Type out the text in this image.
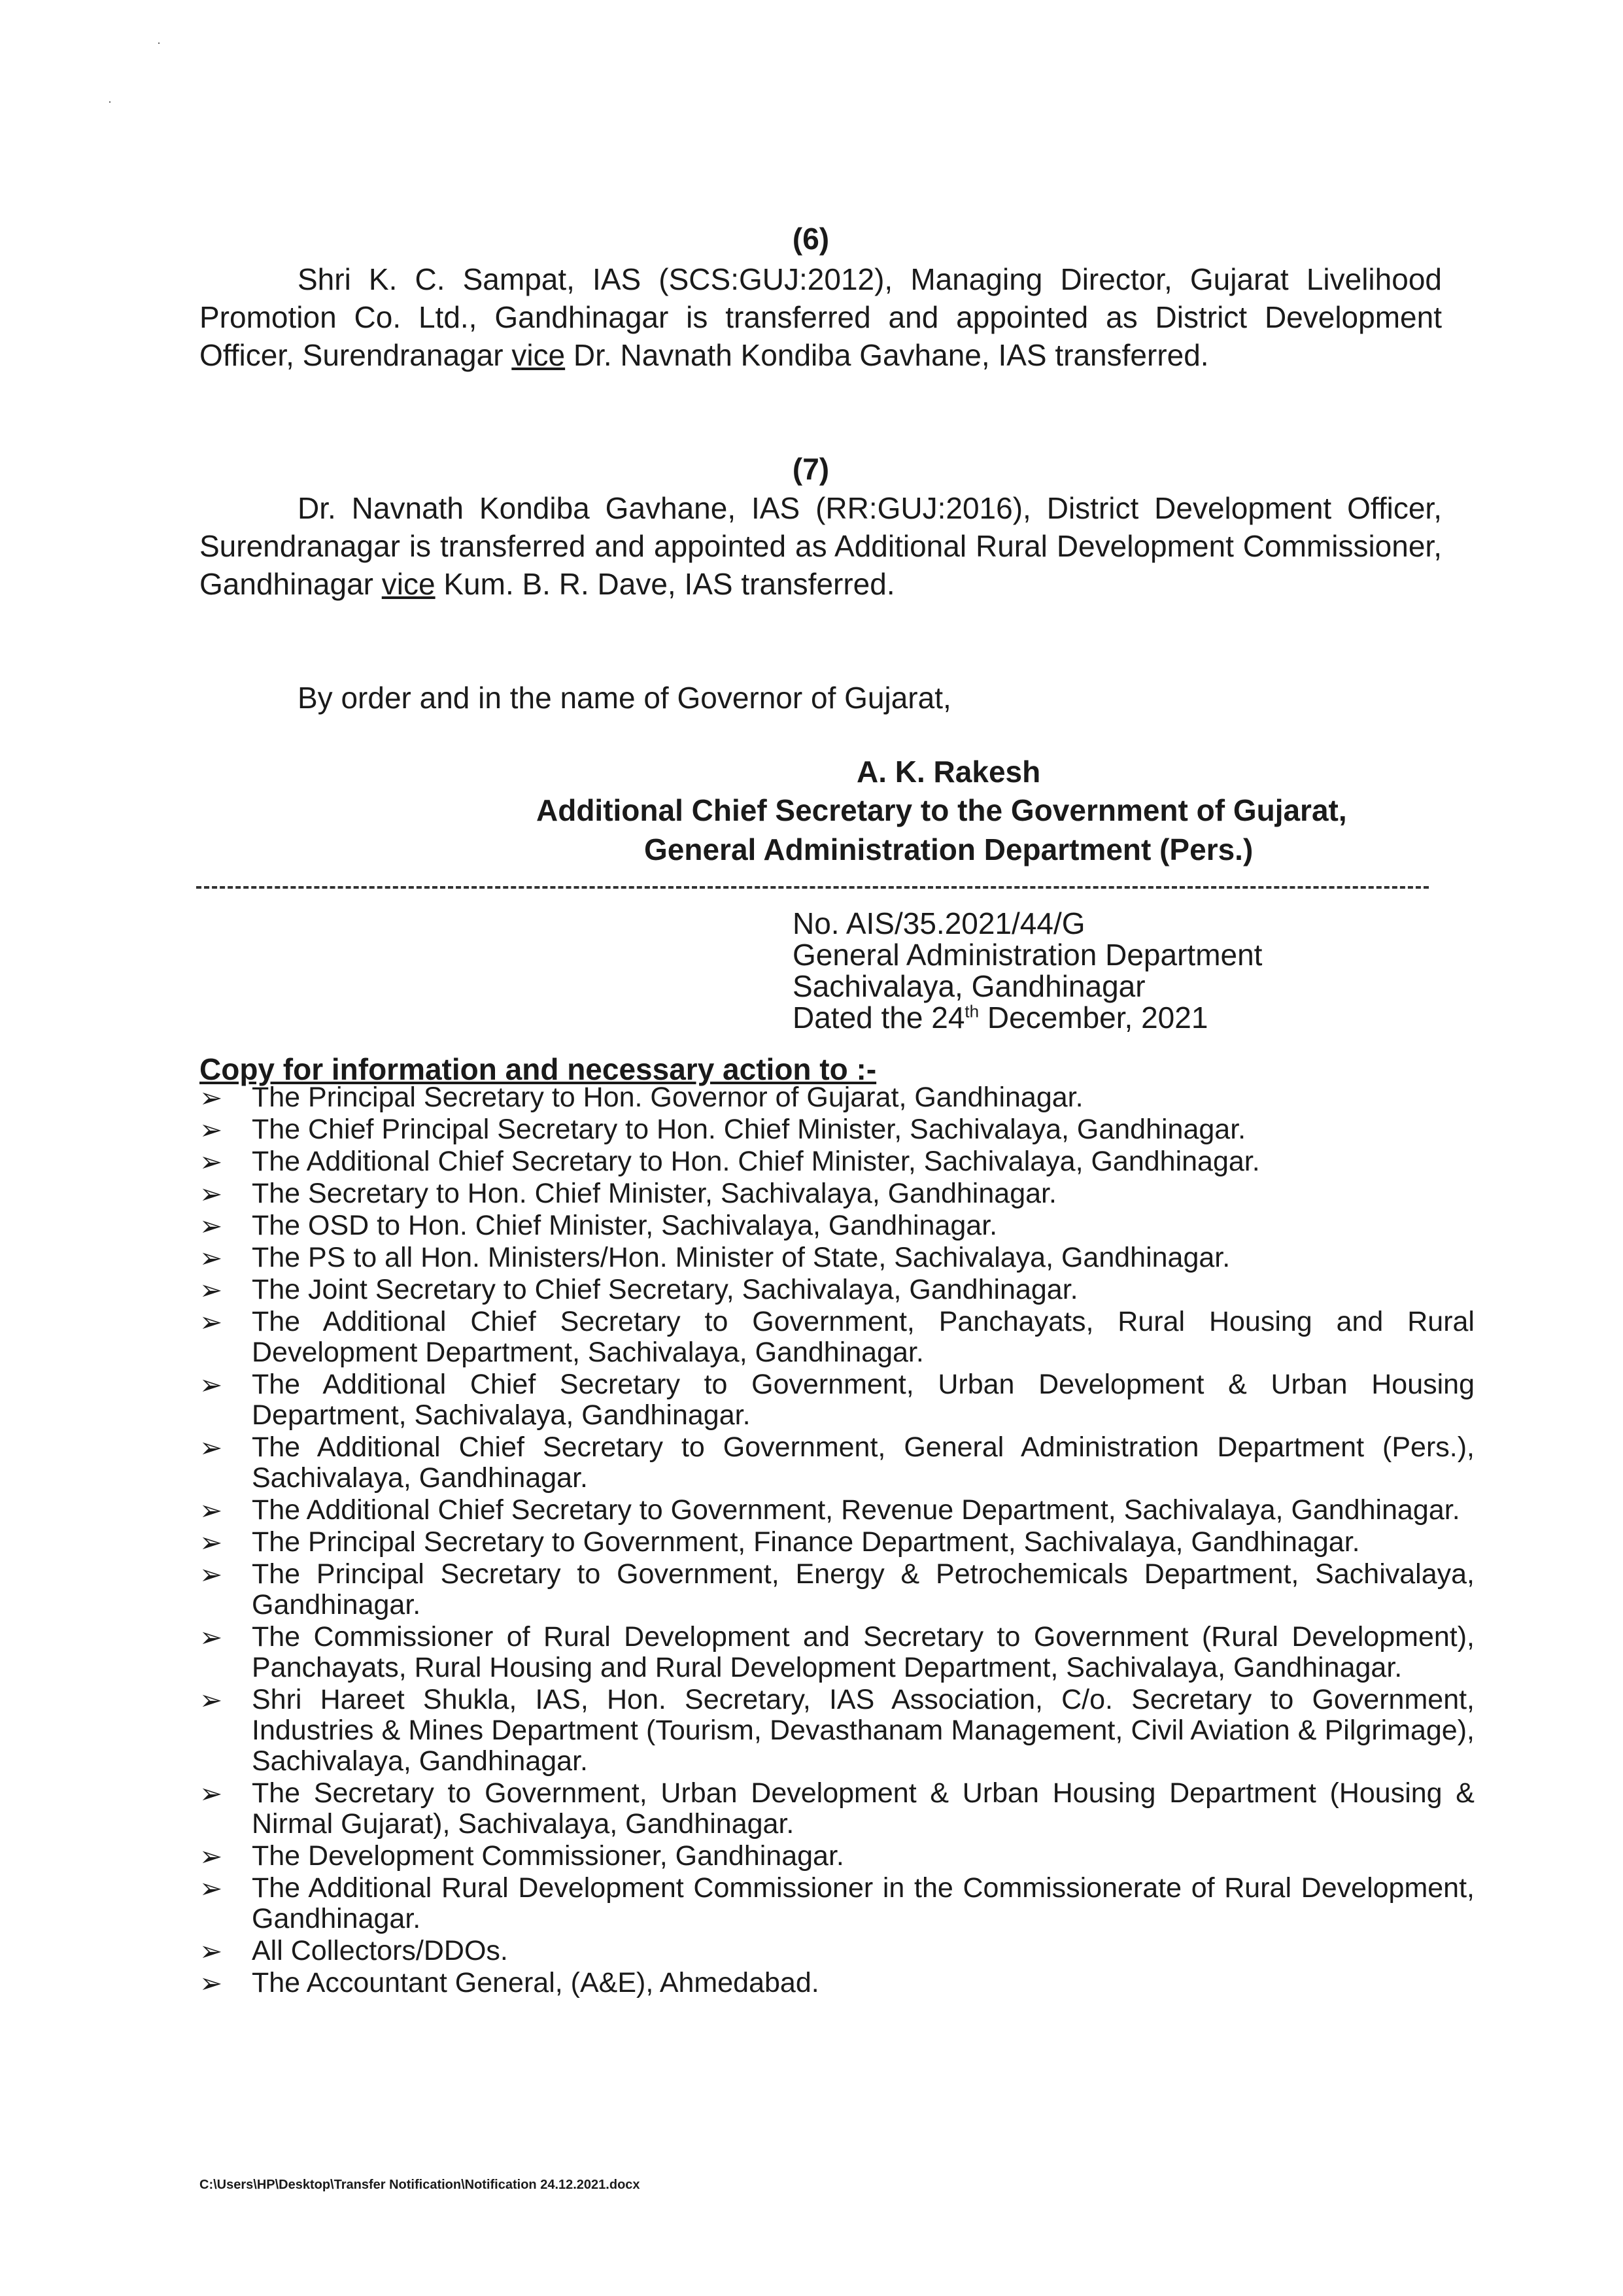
(6)
Shri K. C. Sampat, IAS (SCS:GUJ:2012), Managing Director, Gujarat Livelihood Promotion Co. Ltd., Gandhinagar is transferred and appointed as District Development Officer, Surendranagar vice Dr. Navnath Kondiba Gavhane, IAS transferred.
(7)
Dr. Navnath Kondiba Gavhane, IAS (RR:GUJ:2016), District Development Officer, Surendranagar is transferred and appointed as Additional Rural Development Commissioner, Gandhinagar vice Kum. B. R. Dave, IAS transferred.
By order and in the name of Governor of Gujarat,
A. K. Rakesh
Additional Chief Secretary to the Government of Gujarat,
General Administration Department (Pers.)
No. AIS/35.2021/44/G
General Administration Department
Sachivalaya, Gandhinagar
Dated the 24th December, 2021
Copy for information and necessary action to :-
➢	The Principal Secretary to Hon. Governor of Gujarat, Gandhinagar.
➢	The Chief Principal Secretary to Hon. Chief Minister, Sachivalaya, Gandhinagar.
➢	The Additional Chief Secretary to Hon. Chief Minister, Sachivalaya, Gandhinagar.
➢	The Secretary to Hon. Chief Minister, Sachivalaya, Gandhinagar.
➢	The OSD to Hon. Chief Minister, Sachivalaya, Gandhinagar.
➢	The PS to all Hon. Ministers/Hon. Minister of State, Sachivalaya, Gandhinagar.
➢	The Joint Secretary to Chief Secretary, Sachivalaya, Gandhinagar.
➢	The Additional Chief Secretary to Government, Panchayats, Rural Housing and Rural Development Department, Sachivalaya, Gandhinagar.
➢	The Additional Chief Secretary to Government, Urban Development & Urban Housing Department, Sachivalaya, Gandhinagar.
➢	The Additional Chief Secretary to Government, General Administration Department (Pers.), Sachivalaya, Gandhinagar.
➢	The Additional Chief Secretary to Government, Revenue Department, Sachivalaya, Gandhinagar.
➢	The Principal Secretary to Government, Finance Department, Sachivalaya, Gandhinagar.
➢	The Principal Secretary to Government, Energy & Petrochemicals Department, Sachivalaya, Gandhinagar.
➢	The Commissioner of Rural Development and Secretary to Government (Rural Development), Panchayats, Rural Housing and Rural Development Department, Sachivalaya, Gandhinagar.
➢	Shri Hareet Shukla, IAS, Hon. Secretary, IAS Association, C/o. Secretary to Government, Industries & Mines Department (Tourism, Devasthanam Management, Civil Aviation & Pilgrimage), Sachivalaya, Gandhinagar.
➢	The Secretary to Government, Urban Development & Urban Housing Department (Housing & Nirmal Gujarat), Sachivalaya, Gandhinagar.
➢	The Development Commissioner, Gandhinagar.
➢	The Additional Rural Development Commissioner in the Commissionerate of Rural Development, Gandhinagar.
➢	All Collectors/DDOs.
➢	The Accountant General, (A&E), Ahmedabad.
C:\Users\HP\Desktop\Transfer Notification\Notification 24.12.2021.docx
·
·
